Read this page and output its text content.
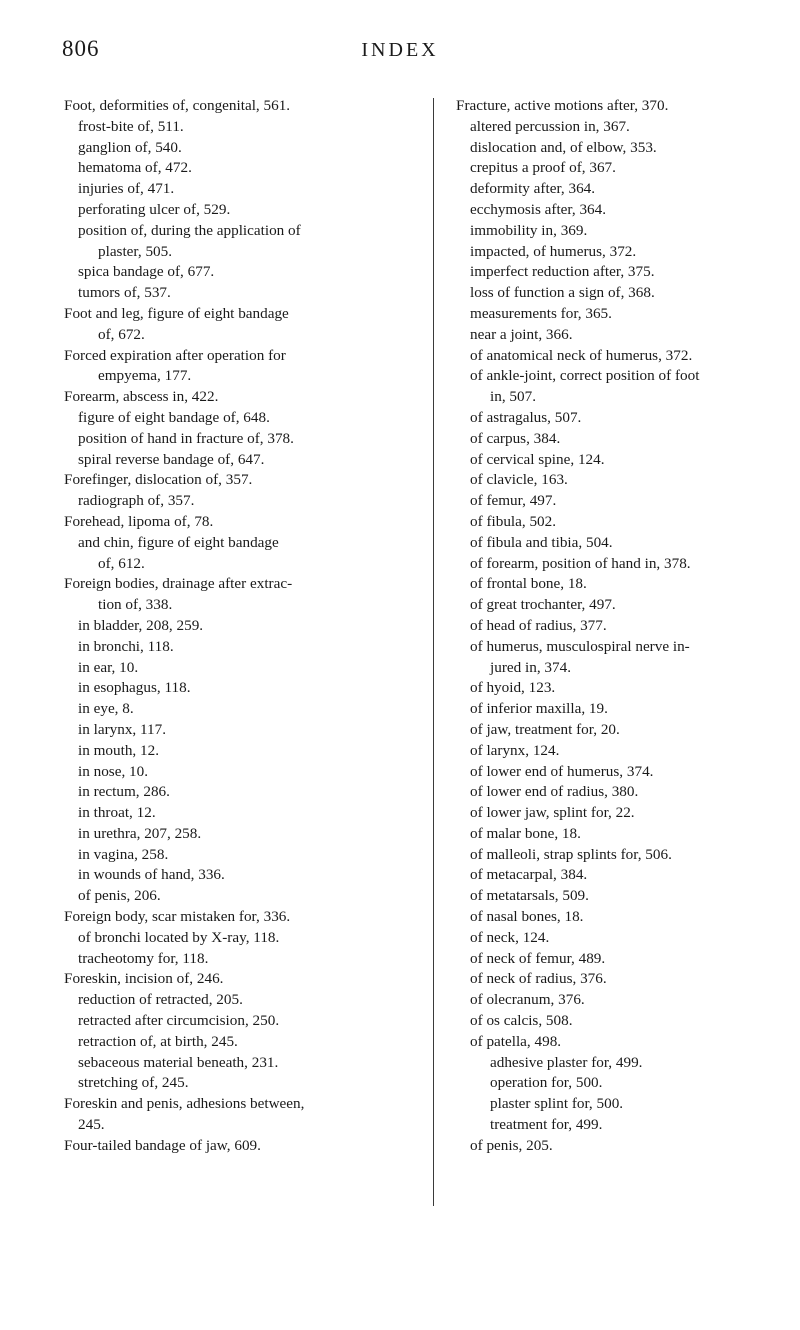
806	INDEX
Foot, deformities of, congenital, 561.
frost-bite of, 511.
ganglion of, 540.
hematoma of, 472.
injuries of, 471.
perforating ulcer of, 529.
position of, during the application of
plaster, 505.
spica bandage of, 677.
tumors of, 537.
Foot and leg, figure of eight bandage
of, 672.
Forced expiration after operation for
empyema, 177.
Forearm, abscess in, 422.
figure of eight bandage of, 648.
position of hand in fracture of, 378.
spiral reverse bandage of, 647.
Forefinger, dislocation of, 357.
radiograph of, 357.
Forehead, lipoma of, 78.
and chin, figure of eight bandage
of, 612.
Foreign bodies, drainage after extrac-
tion of, 338.
in bladder, 208, 259.
in bronchi, 118.
in ear, 10.
in esophagus, 118.
in eye, 8.
in larynx, 117.
in mouth, 12.
in nose, 10.
in rectum, 286.
in throat, 12.
in urethra, 207, 258.
in vagina, 258.
in wounds of hand, 336.
of penis, 206.
Foreign body, scar mistaken for, 336.
of bronchi located by X-ray, 118.
tracheotomy for, 118.
Foreskin, incision of, 246.
reduction of retracted, 205.
retracted after circumcision, 250.
retraction of, at birth, 245.
sebaceous material beneath, 231.
stretching of, 245.
Foreskin and penis, adhesions between,
245.
Four-tailed bandage of jaw, 609.
Fracture, active motions after, 370.
altered percussion in, 367.
dislocation and, of elbow, 353.
crepitus a proof of, 367.
deformity after, 364.
ecchymosis after, 364.
immobility in, 369.
impacted, of humerus, 372.
imperfect reduction after, 375.
loss of function a sign of, 368.
measurements for, 365.
near a joint, 366.
of anatomical neck of humerus, 372.
of ankle-joint, correct position of foot
in, 507.
of astragalus, 507.
of carpus, 384.
of cervical spine, 124.
of clavicle, 163.
of femur, 497.
of fibula, 502.
of fibula and tibia, 504.
of forearm, position of hand in, 378.
of frontal bone, 18.
of great trochanter, 497.
of head of radius, 377.
of humerus, musculospiral nerve in-
jured in, 374.
of hyoid, 123.
of inferior maxilla, 19.
of jaw, treatment for, 20.
of larynx, 124.
of lower end of humerus, 374.
of lower end of radius, 380.
of lower jaw, splint for, 22.
of malar bone, 18.
of malleoli, strap splints for, 506.
of metacarpal, 384.
of metatarsals, 509.
of nasal bones, 18.
of neck, 124.
of neck of femur, 489.
of neck of radius, 376.
of olecranum, 376.
of os calcis, 508.
of patella, 498.
adhesive plaster for, 499.
operation for, 500.
plaster splint for, 500.
treatment for, 499.
of penis, 205.
